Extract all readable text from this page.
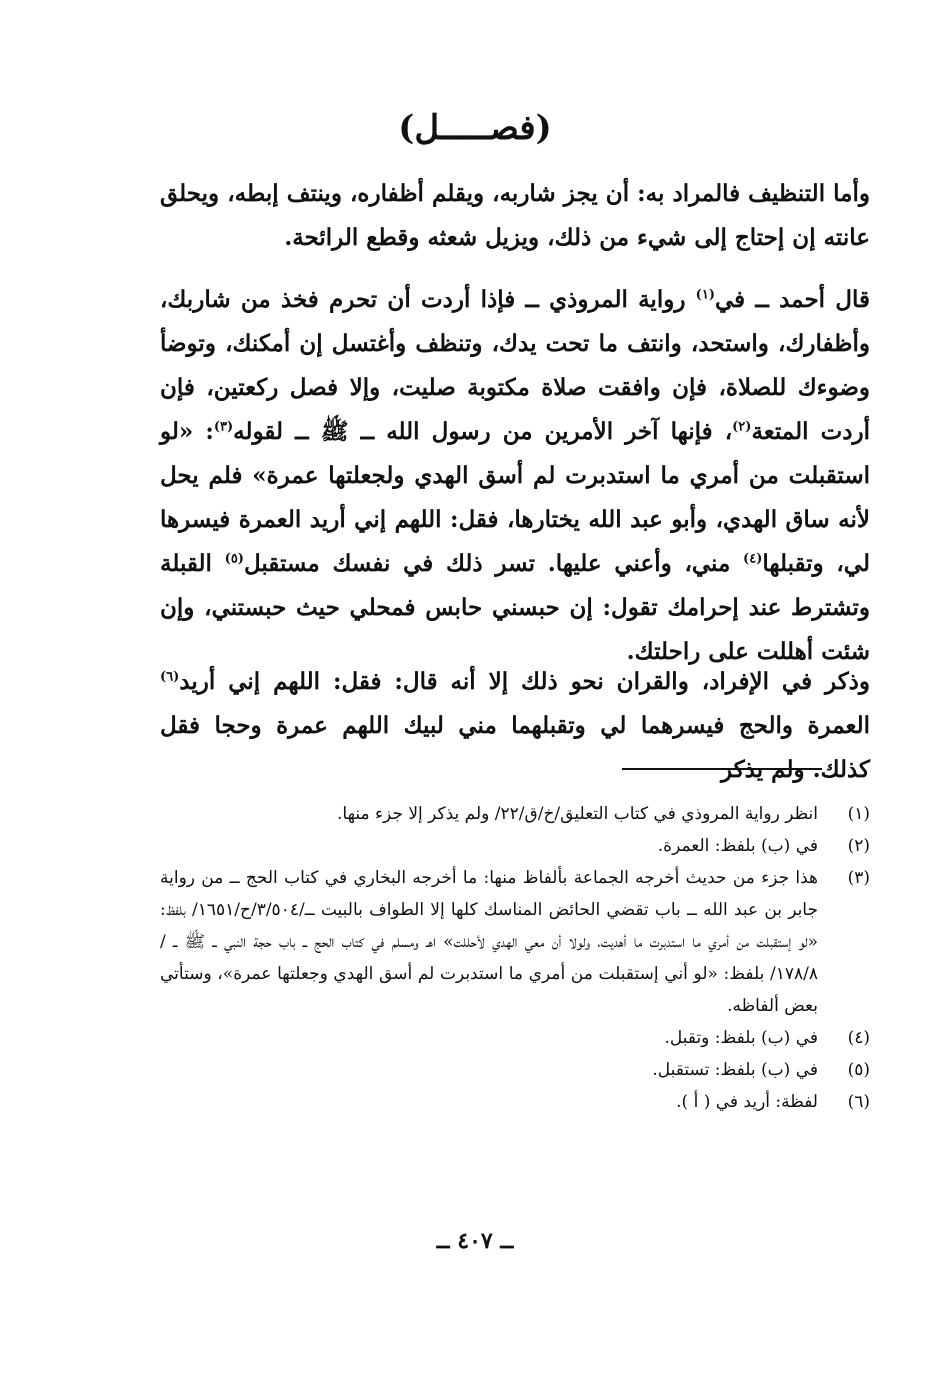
(فصـــــل)
وأما التنظيف فالمراد به: أن يجز شاربه، ويقلم أظفاره، وينتف إبطه، ويحلق عانته إن إحتاج إلى شيء من ذلك، ويزيل شعثه وقطع الرائحة.
قال أحمد ــ في$^{(١)}$ رواية المروذي ــ فإذا أردت أن تحرم فخذ من شاربك، وأظفارك، واستحد، وانتف ما تحت يدك، وتنظف وأغتسل إن أمكنك، وتوضأ وضوءك للصلاة، فإن وافقت صلاة مكتوبة صليت، وإلا فصل ركعتين، فإن أردت المتعة$^{(٢)}$، فإنها آخر الأمرين من رسول الله ــ ﷺ ــ لقوله$^{(٣)}$: «لو استقبلت من أمري ما استدبرت لم أسق الهدي ولجعلتها عمرة» فلم يحل لأنه ساق الهدي، وأبو عبد الله يختارها، فقل: اللهم إني أريد العمرة فيسرها لي، وتقبلها$^{(٤)}$ مني، وأعني عليها. تسر ذلك في نفسك مستقبل$^{(٥)}$ القبلة وتشترط عند إحرامك تقول: إن حبسني حابس فمحلي حيث حبستني، وإن شئت أهللت على راحلتك.
وذكر في الإفراد، والقران نحو ذلك إلا أنه قال: فقل: اللهم إني أريد$^{(٦)}$ العمرة والحج فيسرهما لي وتقبلهما مني لبيك اللهم عمرة وحجا فقل كذلك. ولم يذكر
(١)
انظر رواية المروذي في كتاب التعليق/خ/ق/٢٢/ ولم يذكر إلا جزء منها.
(٢)
في (ب) بلفظ: العمرة.
(٣)
هذا جزء من حديث أخرجه الجماعة بألفاظ منها: ما أخرجه البخاري في كتاب الحج ــ من رواية جابر بن عبد الله ــ باب تقضي الحائض المناسك كلها إلا الطواف بالبيت ــ/٣/٥٠٤/ح/١٦٥١/ بلفظ: «لو إستقبلت من أمري ما استدبرت ما أهديت، ولولا أن معي الهدي لأحللت» اهـ ومسلم في كتاب الحج ــ باب حجة النبي ــ ﷺ ــ /١٧٨/٨/ بلفظ: «لو أني إستقبلت من أمري ما استدبرت لم أسق الهدي وجعلتها عمرة»، وستأتي بعض ألفاظه.
(٤)
في (ب) بلفظ: وتقبل.
(٥)
في (ب) بلفظ: تستقبل.
(٦)
لفظة: أريد في ( أ ).
ــ ٤٠٧ ــ
